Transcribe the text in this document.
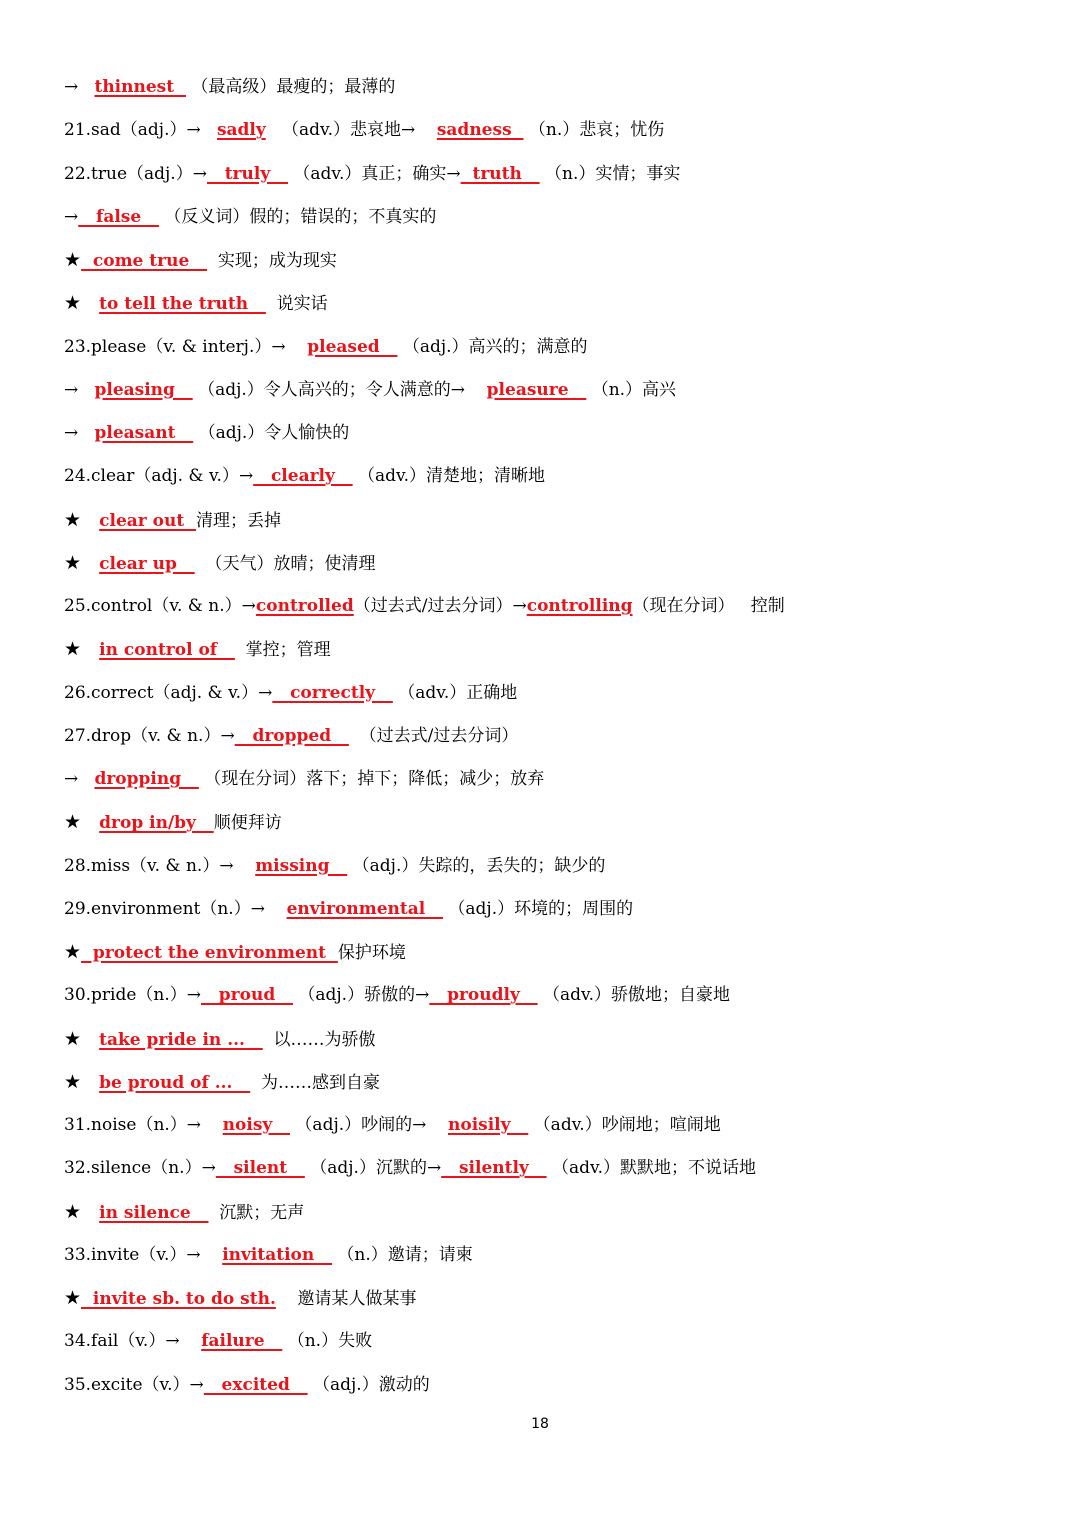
→   thinnest   （最高级）最瘦的；最薄的
21.sad（adj.）→   sadly   （adv.）悲哀地→    sadness   （n.）悲哀；忧伤
22.true（adj.）→   truly    （adv.）真正；确实→  truth    （n.）实情；事实
→   false    （反义词）假的；错误的；不真实的
★  come true     实现；成为现实
★   to tell the truth     说实话
23.please（v. & interj.）→    pleased    （adj.）高兴的；满意的
→   pleasing    （adj.）令人高兴的；令人满意的→    pleasure    （n.）高兴
→   pleasant    （adj.）令人愉快的
24.clear（adj. & v.）→   clearly    （adv.）清楚地；清晰地
★   clear out  清理；丢掉
★   clear up     （天气）放晴；使清理
25.control（v. & n.）→controlled（过去式/过去分词）→controlling（现在分词）   控制
★   in control of     掌控；管理
26.correct（adj. & v.）→   correctly    （adv.）正确地
27.drop（v. & n.）→   dropped     （过去式/过去分词）
→   dropping    （现在分词）落下；掉下；降低；减少；放弃
★   drop in/by   顺便拜访
28.miss（v. & n.）→    missing    （adj.）失踪的，丢失的；缺少的
29.environment（n.）→    environmental    （adj.）环境的；周围的
★  protect the environment  保护环境
30.pride（n.）→   proud    （adj.）骄傲的→   proudly    （adv.）骄傲地；自豪地
★   take pride in ...     以……为骄傲
★   be proud of ...     为……感到自豪
31.noise（n.）→    noisy    （adj.）吵闹的→    noisily    （adv.）吵闹地；喧闹地
32.silence（n.）→   silent    （adj.）沉默的→   silently    （adv.）默默地；不说话地
★   in silence     沉默；无声
33.invite（v.）→    invitation    （n.）邀请；请柬
★  invite sb. to do sth.    邀请某人做某事
34.fail（v.）→    failure    （n.）失败
35.excite（v.）→   excited    （adj.）激动的
18
